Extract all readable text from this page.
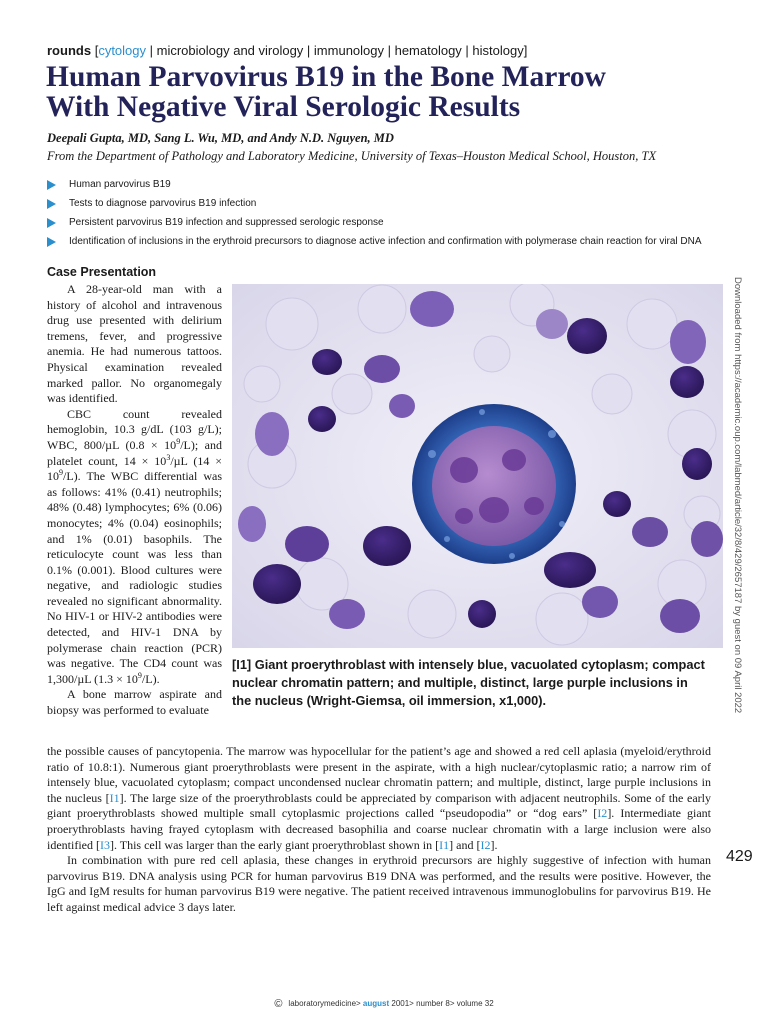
rounds [cytology | microbiology and virology | immunology | hematology | histology]
Human Parvovirus B19 in the Bone Marrow
With Negative Viral Serologic Results
Deepali Gupta, MD, Sang L. Wu, MD, and Andy N.D. Nguyen, MD
From the Department of Pathology and Laboratory Medicine, University of Texas–Houston Medical School, Houston, TX
Human parvovirus B19
Tests to diagnose parvovirus B19 infection
Persistent parvovirus B19 infection and suppressed serologic response
Identification of inclusions in the erythroid precursors to diagnose active infection and confirmation with polymerase chain reaction for viral DNA
Case Presentation

A 28-year-old man with a history of alcohol and intravenous drug use presented with delirium tremens, fever, and progressive anemia. He had numerous tattoos. Physical examination revealed marked pallor. No organomegaly was identified.

CBC count revealed hemoglobin, 10.3 g/dL (103 g/L); WBC, 800/µL $(0.8 \times 10^9/L)$; and platelet count, $14 \times 10^3/\mu L$ $(14 \times 10^9/L)$. The WBC differential was as follows: 41% (0.41) neutrophils; 48% (0.48) lymphocytes; 6% (0.06) monocytes; 4% (0.04) eosinophils; and 1% (0.01) basophils. The reticulocyte count was less than 0.1% (0.001). Blood cultures were negative, and radiologic studies revealed no significant abnormality. No HIV-1 or HIV-2 antibodies were detected, and HIV-1 DNA by polymerase chain reaction (PCR) was negative. The CD4 count was 1,300/µL $(1.3 \times 10^9/L)$.

A bone marrow aspirate and biopsy was performed to evaluate

[I1] Giant proerythroblast with intensely blue, vacuolated cytoplasm; compact nuclear chromatin pattern; and multiple, distinct, large purple inclusions in the nucleus (Wright-Giemsa, oil immersion, x1,000).

the possible causes of pancytopenia. The marrow was hypocellular for the patient’s age and showed a red cell aplasia (myeloid/erythroid ratio of 10.8:1). Numerous giant proerythroblasts were present in the aspirate, with a high nuclear/cytoplasmic ratio; a narrow rim of intensely blue, vacuolated cytoplasm; compact uncondensed nuclear chromatin pattern; and multiple, distinct, large purple inclusions in the nucleus [I1]. The large size of the proerythroblasts could be appreciated by comparison with adjacent neutrophils. Some of the early giant proerythroblasts showed multiple small cytoplasmic projections called “pseudopodia” or “dog ears” [I2]. Intermediate giant proerythroblasts having frayed cytoplasm with decreased basophilia and coarse nuclear chromatin with a large inclusion were also identified [I3]. This cell was larger than the early giant proerythroblast shown in [I1] and [I2].

In combination with pure red cell aplasia, these changes in erythroid precursors are highly suggestive of infection with human parvovirus B19. DNA analysis using PCR for human parvovirus B19 DNA was performed, and the results were positive. However, the IgG and IgM results for human parvovirus B19 were negative. The patient received intravenous immunoglobulins for parvovirus B19. He left against medical advice 3 days later.

429
Downloaded from https://academic.oup.com/labmed/article/32/8/429/2657187 by guest on 09 April 2022
© laboratorymedicine> august 2001> number 8> volume 32
